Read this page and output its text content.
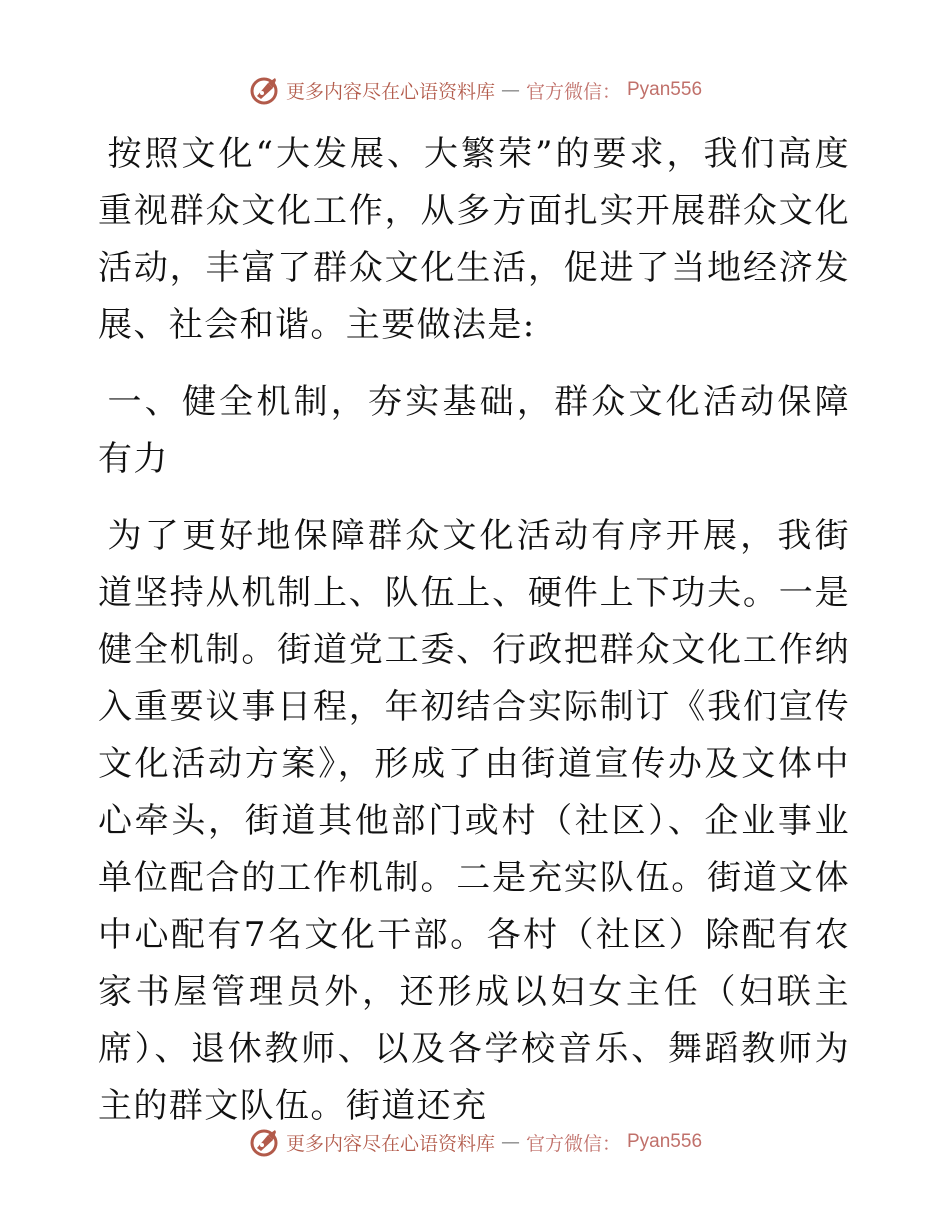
更多内容尽在心语资料库 — 官方微信： Pyan556

按照文化“大发展、大繁荣”的要求，我们高度重视群众文化工作，从多方面扎实开展群众文化活动，丰富了群众文化生活，促进了当地经济发展、社会和谐。主要做法是:

一、健全机制，夯实基础，群众文化活动保障有力

为了更好地保障群众文化活动有序开展，我街道坚持从机制上、队伍上、硬件上下功夫。一是健全机制。街道党工委、行政把群众文化工作纳入重要议事日程，年初结合实际制订《我们宣传文化活动方案》，形成了由街道宣传办及文体中心牵头，街道其他部门或村（社区）、企业事业单位配合的工作机制。二是充实队伍。街道文体中心配有7名文化干部。各村（社区）除配有农家书屋管理员外，还形成以妇女主任（妇联主席）、退休教师、以及各学校音乐、舞蹈教师为主的群文队伍。街道还充

更多内容尽在心语资料库 — 官方微信： Pyan556
